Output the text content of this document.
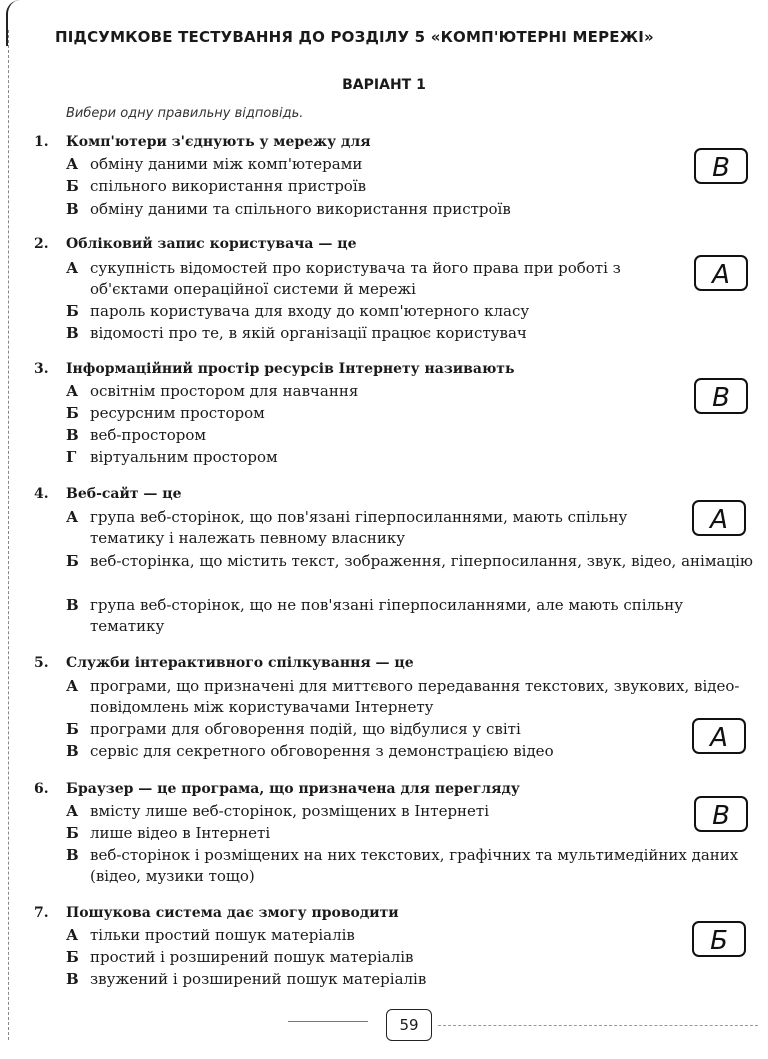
ПІДСУМКОВЕ ТЕСТУВАННЯ ДО РОЗДІЛУ 5 «КОМП'ЮТЕРНІ МЕРЕЖІ»
ВАРІАНТ 1
Вибери одну правильну відповідь.
1. Комп'ютери з'єднують у мережу для
А обміну даними між комп'ютерами
Б спільного використання пристроїв
В обміну даними та спільного використання пристроїв
В
2. Обліковий запис користувача — це
А сукупність відомостей про користувача та його права при роботі з об'єктами операційної системи й мережі
Б пароль користувача для входу до комп'ютерного класу
В відомості про те, в якій організації працює користувач
А
3. Інформаційний простір ресурсів Інтернету називають
А освітнім простором для навчання
Б ресурсним простором
В веб-простором
Г віртуальним простором
В
4. Веб-сайт — це
А група веб-сторінок, що пов'язані гіперпосиланнями, мають спільну тематику і належать певному власнику
Б веб-сторінка, що містить текст, зображення, гіперпосилання, звук, відео, анімацію
В група веб-сторінок, що не пов'язані гіперпосиланнями, але мають спільну тематику
А
5. Служби інтерактивного спілкування — це
А програми, що призначені для миттєвого передавання текстових, звукових, відео-повідомлень між користувачами Інтернету
Б програми для обговорення подій, що відбулися у світі
В сервіс для секретного обговорення з демонстрацією відео	А
6. Браузер — це програма, що призначена для перегляду
А вмісту лише веб-сторінок, розміщених в Інтернеті
Б лише відео в Інтернеті
В веб-сторінок і розміщених на них текстових, графічних та мультимедійних даних (відео, музики тощо)
В
7. Пошукова система дає змогу проводити
А тільки простий пошук матеріалів
Б простий і розширений пошук матеріалів
В звужений і розширений пошук матеріалів
Б
59
